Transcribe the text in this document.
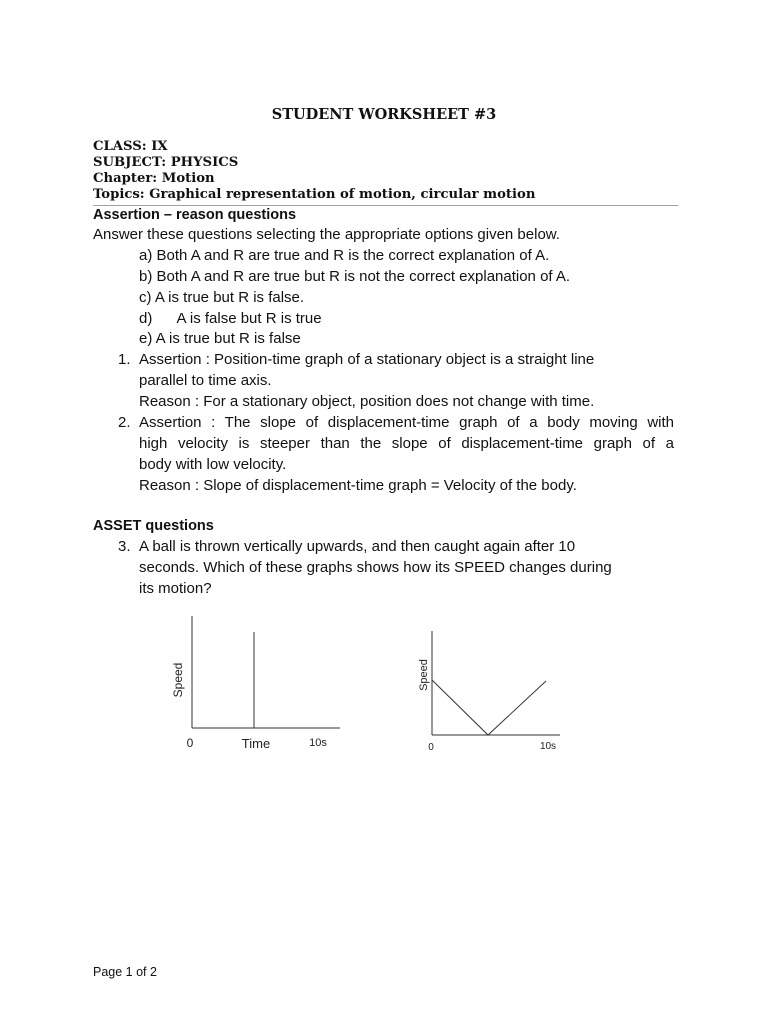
STUDENT WORKSHEET #3
CLASS: IX
SUBJECT: PHYSICS
Chapter: Motion
Topics: Graphical representation of motion, circular motion
Assertion – reason questions
Answer these questions selecting the appropriate options given below.
a) Both A and R are true and R is the correct explanation of A.
b) Both A and R are true but R is not the correct explanation of A.
c) A is true but R is false.
d)      A is false but R is true
e) A is true but R is false
1. Assertion : Position-time graph of a stationary object is a straight line
parallel to time axis.
Reason : For a stationary object, position does not change with time.
2. Assertion : The slope of displacement-time graph of a body moving with
high velocity is steeper than the slope of displacement-time graph of a
body with low velocity.
Reason : Slope of displacement-time graph = Velocity of the body.
ASSET questions
3. A ball is thrown vertically upwards, and then caught again after 10
seconds. Which of these graphs shows how its SPEED changes during
its motion?
Speed
0	Time	10s
Speed
0	10s
Page 1 of 2
